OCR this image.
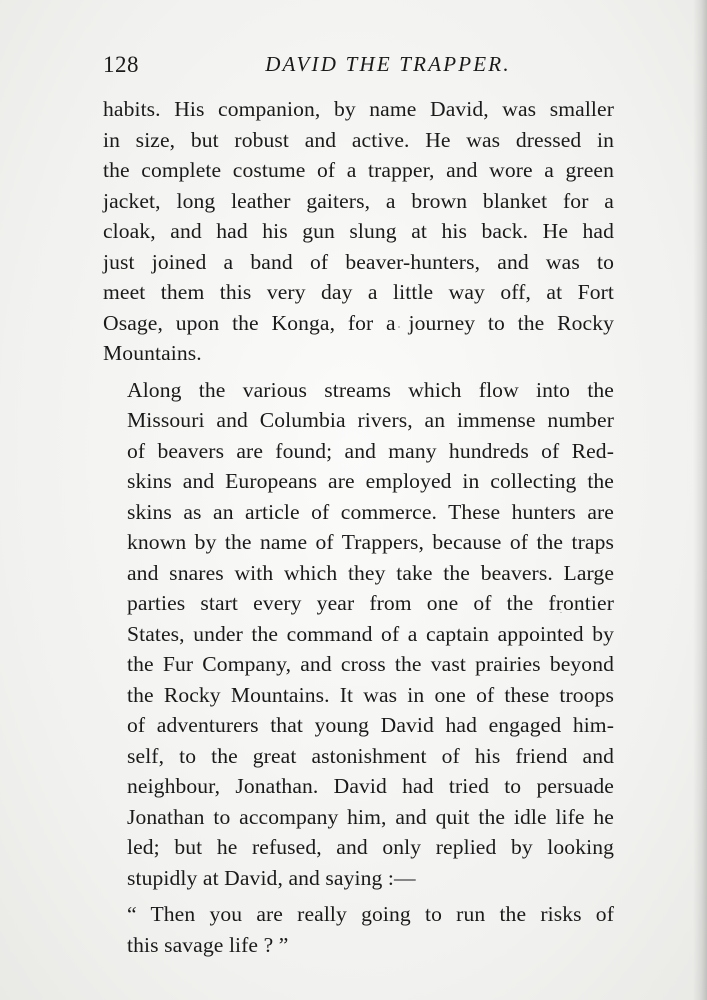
128	DAVID THE TRAPPER.

habits. His companion, by name David, was smaller
in size, but robust and active. He was dressed in
the complete costume of a trapper, and wore a green
jacket, long leather gaiters, a brown blanket for a
cloak, and had his gun slung at his back. He had
just joined a band of beaver-hunters, and was to
meet them this very day a little way off, at Fort
Osage, upon the Konga, for a journey to the Rocky
Mountains.

Along the various streams which flow into the
Missouri and Columbia rivers, an immense number
of beavers are found; and many hundreds of Red-
skins and Europeans are employed in collecting the
skins as an article of commerce. These hunters are
known by the name of Trappers, because of the traps
and snares with which they take the beavers. Large
parties start every year from one of the frontier
States, under the command of a captain appointed by
the Fur Company, and cross the vast prairies beyond
the Rocky Mountains. It was in one of these troops
of adventurers that young David had engaged him-
self, to the great astonishment of his friend and
neighbour, Jonathan. David had tried to persuade
Jonathan to accompany him, and quit the idle life he
led; but he refused, and only replied by looking
stupidly at David, and saying :—

“ Then you are really going to run the risks of
this savage life ? ”
